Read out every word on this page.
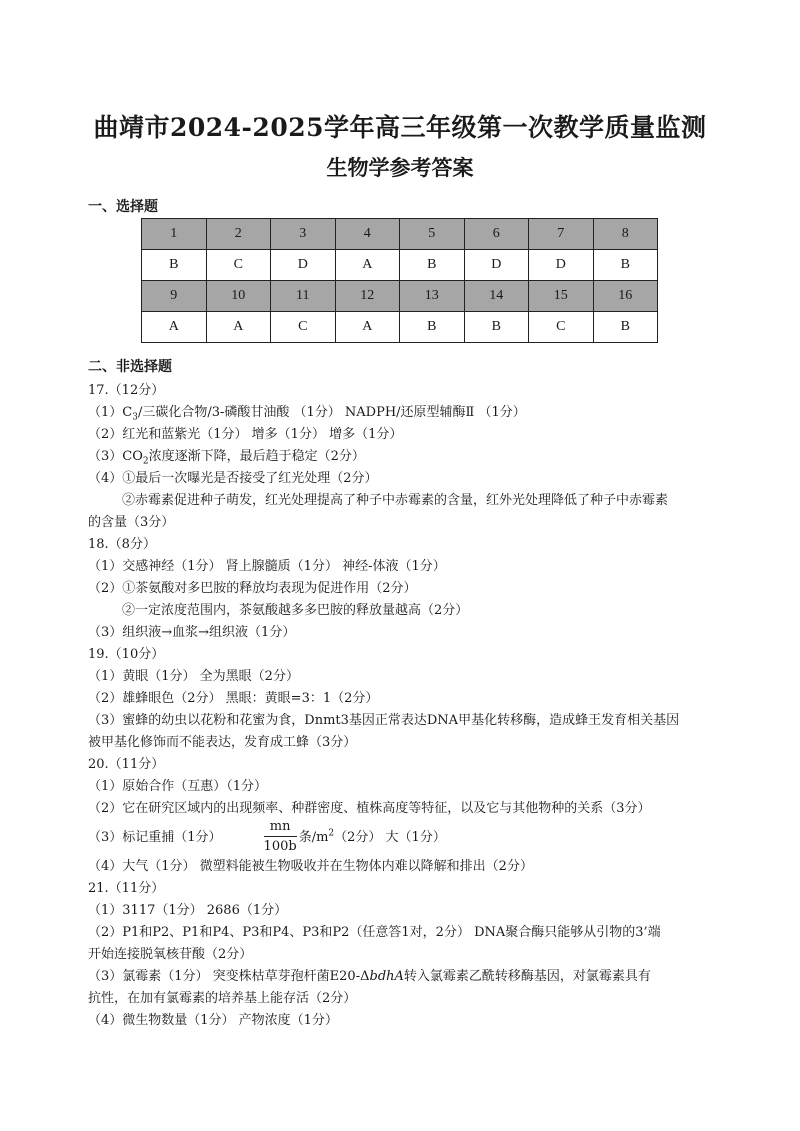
曲靖市2024-2025学年高三年级第一次教学质量监测
生物学参考答案
一、选择题
1	2	3	4	5	6	7	8
B	C	D	A	B	D	D	B
9	10	11	12	13	14	15	16
A	A	C	A	B	B	C	B
二、非选择题
17.（12分）
$(1)C_3/$三碳化合物/3-磷酸甘油酸 （1分） NADPH/还原型辅酶Ⅱ （1分）
（2）红光和蓝紫光（1分） 增多（1分） 增多（1分）
$(3)CO_2$浓度逐渐下降，最后趋于稳定（2分）
（4）①最后一次曝光是否接受了红光处理（2分）
②赤霉素促进种子萌发，红光处理提高了种子中赤霉素的含量，红外光处理降低了种子中赤霉素
的含量（3分）
18.（8分）
（1）交感神经（1分） 肾上腺髓质（1分） 神经-体液（1分）
（2）①茶氨酸对多巴胺的释放均表现为促进作用（2分）
②一定浓度范围内，茶氨酸越多多巴胺的释放量越高（2分）
（3）组织液→血浆→组织液（1分）
19.（10分）
（1）黄眼（1分） 全为黑眼（2分）
（2）雄蜂眼色（2分） 黑眼：黄眼=3：1（2分）
（3）蜜蜂的幼虫以花粉和花蜜为食，Dnmt3基因正常表达DNA甲基化转移酶，造成蜂王发育相关基因
被甲基化修饰而不能表达，发育成工蜂（3分）
20.（11分）
（1）原始合作（互惠）（1分）
（2）它在研究区域内的出现频率、种群密度、植株高度等特征，以及它与其他物种的关系（3分）
（3）标记重捕（1分）	$\frac{mn}{100b}$ 条$/m^2(2$分） 大（1分）
（4）大气（1分） 微塑料能被生物吸收并在生物体内难以降解和排出（2分）
21.（11分）
（1）3117（1分） 2686（1分）
（2）P1和P2、P1和P4、P3和P4、P3和P2（任意答1对，2分） DNA聚合酶只能够从引物的3’端
开始连接脱氧核苷酸（2分）
（3）氯霉素（1分） 突变株枯草芽孢杆菌E20-ΔbdhA转入氯霉素乙酰转移酶基因，对氯霉素具有
抗性，在加有氯霉素的培养基上能存活（2分）
（4）微生物数量（1分） 产物浓度（1分）
